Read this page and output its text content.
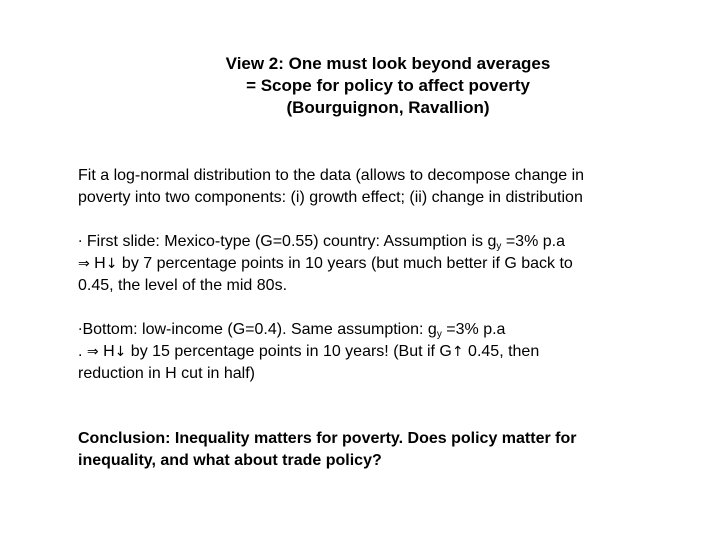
View 2: One must look beyond averages
= Scope for policy to affect poverty
(Bourguignon, Ravallion)
Fit a log-normal distribution to the data (allows to decompose change in
poverty into two components: (i) growth effect; (ii) change in distribution
· First slide: Mexico-type (G=0.55) country: Assumption is $g_y =3\%$ p.a
⇒ H↓ by 7 percentage points in 10 years (but much better if G back to
0.45, the level of the mid 80s.
·Bottom: low-income (G=0.4). Same assumption: $g_y =3\%$ p.a
. ⇒ H↓ by 15 percentage points in 10 years! (But if G↑ 0.45, then
reduction in H cut in half)
Conclusion: Inequality matters for poverty. Does policy matter for
inequality, and what about trade policy?
